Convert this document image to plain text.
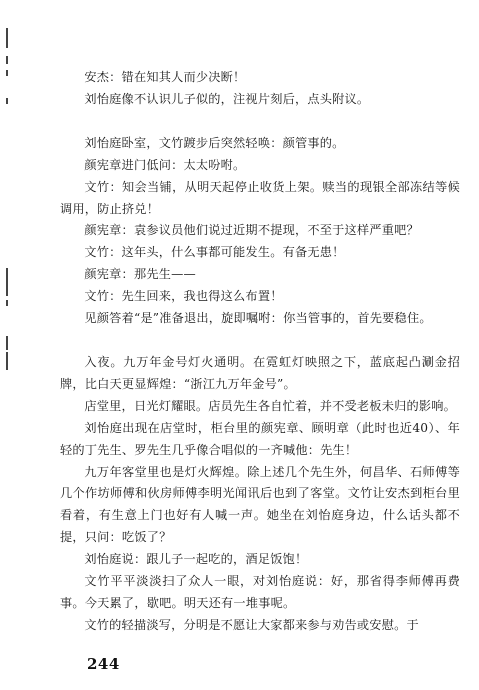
安杰：错在知其人而少决断！

刘怡庭像不认识儿子似的，注视片刻后，点头附议。

刘怡庭卧室，文竹踱步后突然轻唤：颜管事的。

颜宪章进门低问：太太吩咐。

文竹：知会当铺，从明天起停止收货上架。赎当的现银全部冻结等候调用，防止挤兑！

颜宪章：袁参议员他们说过近期不提现，不至于这样严重吧？

文竹：这年头，什么事都可能发生。有备无患！

颜宪章：那先生——

文竹：先生回来，我也得这么布置！

见颜答着“是”准备退出，旋即嘱咐：你当管事的，首先要稳住。

入夜。九万年金号灯火通明。在霓虹灯映照之下，蓝底起凸涮金招牌，比白天更显辉煌：“浙江九万年金号”。

店堂里，日光灯耀眼。店员先生各自忙着，并不受老板未归的影响。

刘怡庭出现在店堂时，柜台里的颜宪章、顾明章（此时也近40）、年轻的丁先生、罗先生几乎像合唱似的一齐喊他：先生！

九万年客堂里也是灯火辉煌。除上述几个先生外，何昌华、石师傅等几个作坊师傅和伙房师傅李明光闻讯后也到了客堂。文竹让安杰到柜台里看着，有生意上门也好有人喊一声。她坐在刘怡庭身边，什么话头都不提，只问：吃饭了？

刘怡庭说：跟儿子一起吃的，酒足饭饱！

文竹平平淡淡扫了众人一眼，对刘怡庭说：好，那省得李师傅再费事。今天累了，歇吧。明天还有一堆事呢。

文竹的轻描淡写，分明是不愿让大家都来参与劝告或安慰。于

244
